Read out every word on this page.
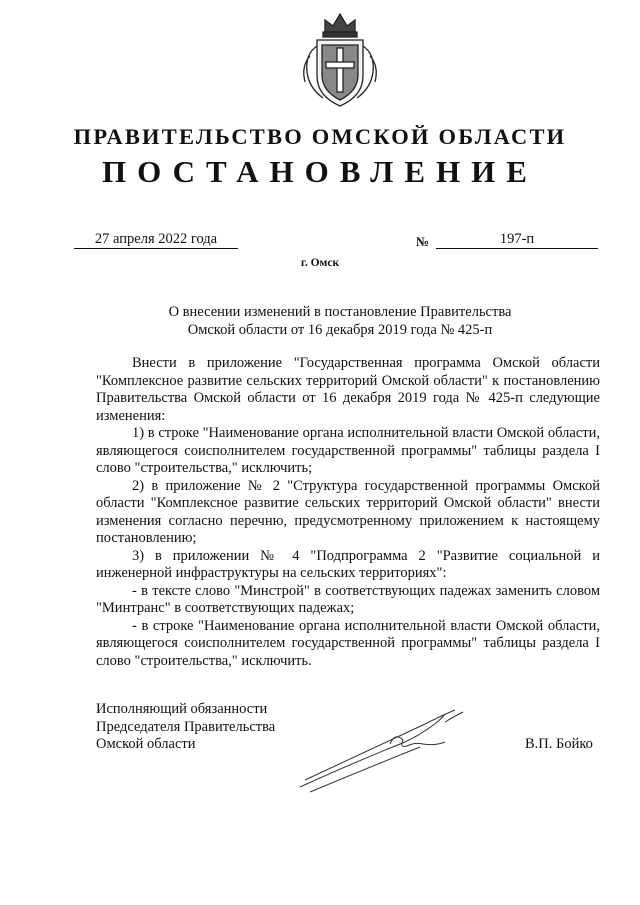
ПРАВИТЕЛЬСТВО ОМСКОЙ ОБЛАСТИ
ПОСТАНОВЛЕНИЕ
27 апреля 2022 года	№	197-п
г. Омск
О внесении изменений в постановление Правительства
Омской области от 16 декабря 2019 года № 425-п

Внести в приложение "Государственная программа Омской области "Комплексное развитие сельских территорий Омской области" к постановлению Правительства Омской области от 16 декабря 2019 года № 425-п следующие изменения:

1) в строке "Наименование органа исполнительной власти Омской области, являющегося соисполнителем государственной программы" таблицы раздела I слово "строительства," исключить;

2) в приложение № 2 "Структура государственной программы Омской области "Комплексное развитие сельских территорий Омской области" внести изменения согласно перечню, предусмотренному приложением к настоящему постановлению;

3) в приложении № 4 "Подпрограмма 2 "Развитие социальной и инженерной инфраструктуры на сельских территориях":

- в тексте слово "Минстрой" в соответствующих падежах заменить словом "Минтранс" в соответствующих падежах;

- в строке "Наименование органа исполнительной власти Омской области, являющегося соисполнителем государственной программы" таблицы раздела I слово "строительства," исключить.

Исполняющий обязанности
Председателя Правительства
Омской области	В.П. Бойко
